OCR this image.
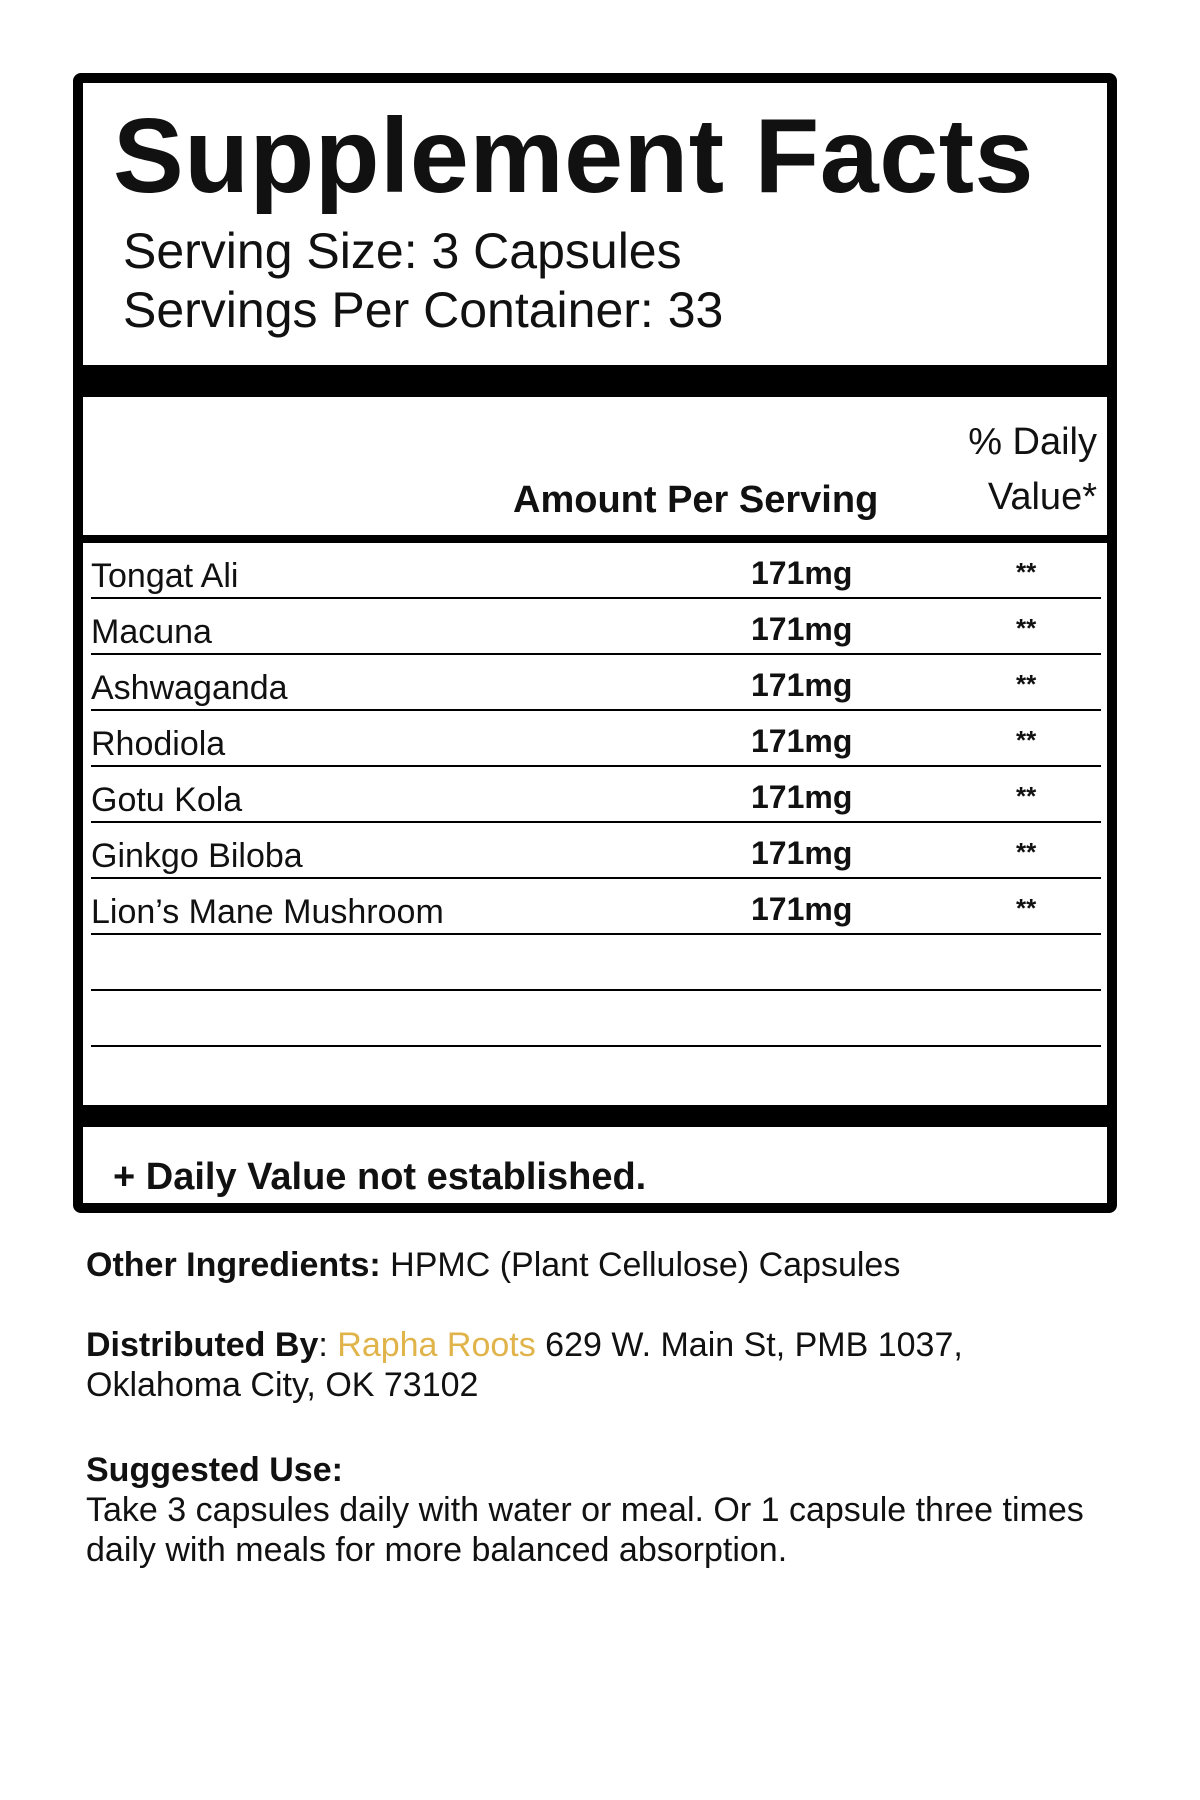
Supplement Facts
Serving Size: 3 Capsules
Servings Per Container: 33
Amount Per Serving
% Daily
Value*
Tongat Ali	171mg	**
Macuna	171mg	**
Ashwaganda	171mg	**
Rhodiola	171mg	**
Gotu Kola	171mg	**
Ginkgo Biloba	171mg	**
Lion’s Mane Mushroom	171mg	**
+ Daily Value not established.
Other Ingredients: HPMC (Plant Cellulose) Capsules
Distributed By: Rapha Roots 629 W. Main St, PMB 1037, Oklahoma City, OK 73102
Suggested Use:
Take 3 capsules daily with water or meal. Or 1 capsule three times daily with meals for more balanced absorption.
